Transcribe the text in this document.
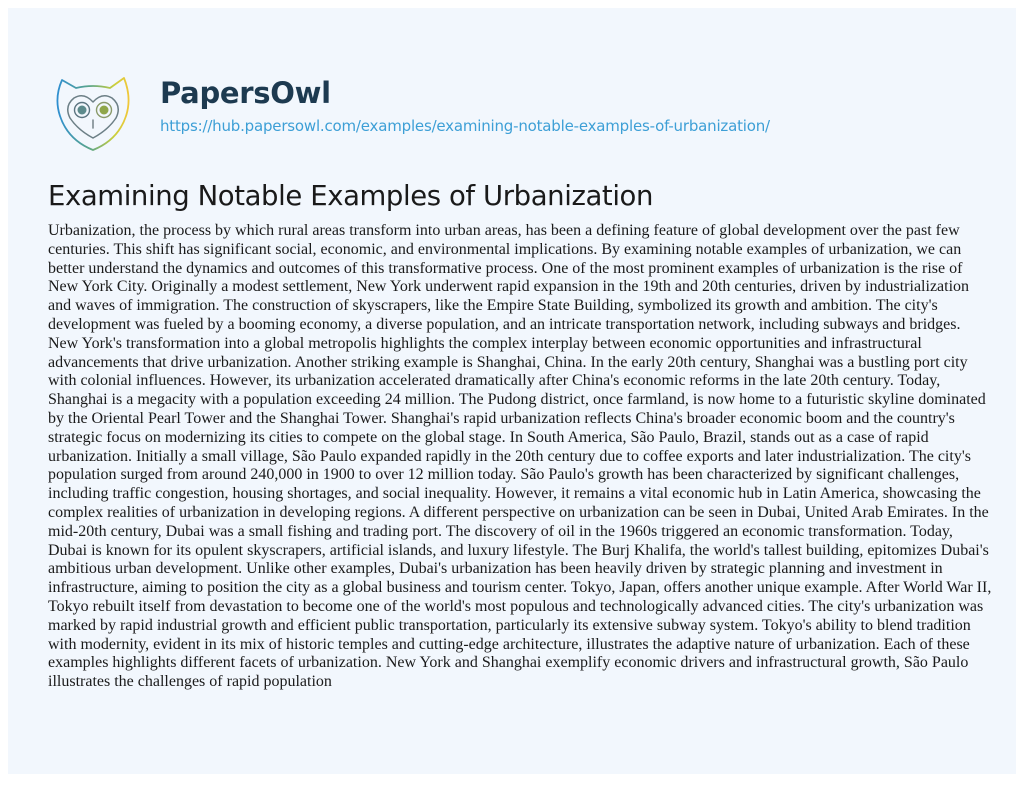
PapersOwl
https://hub.papersowl.com/examples/examining-notable-examples-of-urbanization/
Examining Notable Examples of Urbanization

Urbanization, the process by which rural areas transform into urban areas, has been a defining feature of global development over the past few centuries. This shift has significant social, economic, and environmental implications. By examining notable examples of urbanization, we can better understand the dynamics and outcomes of this transformative process. One of the most prominent examples of urbanization is the rise of New York City. Originally a modest settlement, New York underwent rapid expansion in the 19th and 20th centuries, driven by industrialization and waves of immigration. The construction of skyscrapers, like the Empire State Building, symbolized its growth and ambition. The city's development was fueled by a booming economy, a diverse population, and an intricate transportation network, including subways and bridges. New York's transformation into a global metropolis highlights the complex interplay between economic opportunities and infrastructural advancements that drive urbanization. Another striking example is Shanghai, China. In the early 20th century, Shanghai was a bustling port city with colonial influences. However, its urbanization accelerated dramatically after China's economic reforms in the late 20th century. Today, Shanghai is a megacity with a population exceeding 24 million. The Pudong district, once farmland, is now home to a futuristic skyline dominated by the Oriental Pearl Tower and the Shanghai Tower. Shanghai's rapid urbanization reflects China's broader economic boom and the country's strategic focus on modernizing its cities to compete on the global stage. In South America, São Paulo, Brazil, stands out as a case of rapid urbanization. Initially a small village, São Paulo expanded rapidly in the 20th century due to coffee exports and later industrialization. The city's population surged from around 240,000 in 1900 to over 12 million today. São Paulo's growth has been characterized by significant challenges, including traffic congestion, housing shortages, and social inequality. However, it remains a vital economic hub in Latin America, showcasing the complex realities of urbanization in developing regions. A different perspective on urbanization can be seen in Dubai, United Arab Emirates. In the mid-20th century, Dubai was a small fishing and trading port. The discovery of oil in the 1960s triggered an economic transformation. Today, Dubai is known for its opulent skyscrapers, artificial islands, and luxury lifestyle. The Burj Khalifa, the world's tallest building, epitomizes Dubai's ambitious urban development. Unlike other examples, Dubai's urbanization has been heavily driven by strategic planning and investment in infrastructure, aiming to position the city as a global business and tourism center. Tokyo, Japan, offers another unique example. After World War II, Tokyo rebuilt itself from devastation to become one of the world's most populous and technologically advanced cities. The city's urbanization was marked by rapid industrial growth and efficient public transportation, particularly its extensive subway system. Tokyo's ability to blend tradition with modernity, evident in its mix of historic temples and cutting-edge architecture, illustrates the adaptive nature of urbanization. Each of these examples highlights different facets of urbanization. New York and Shanghai exemplify economic drivers and infrastructural growth, São Paulo illustrates the challenges of rapid population
